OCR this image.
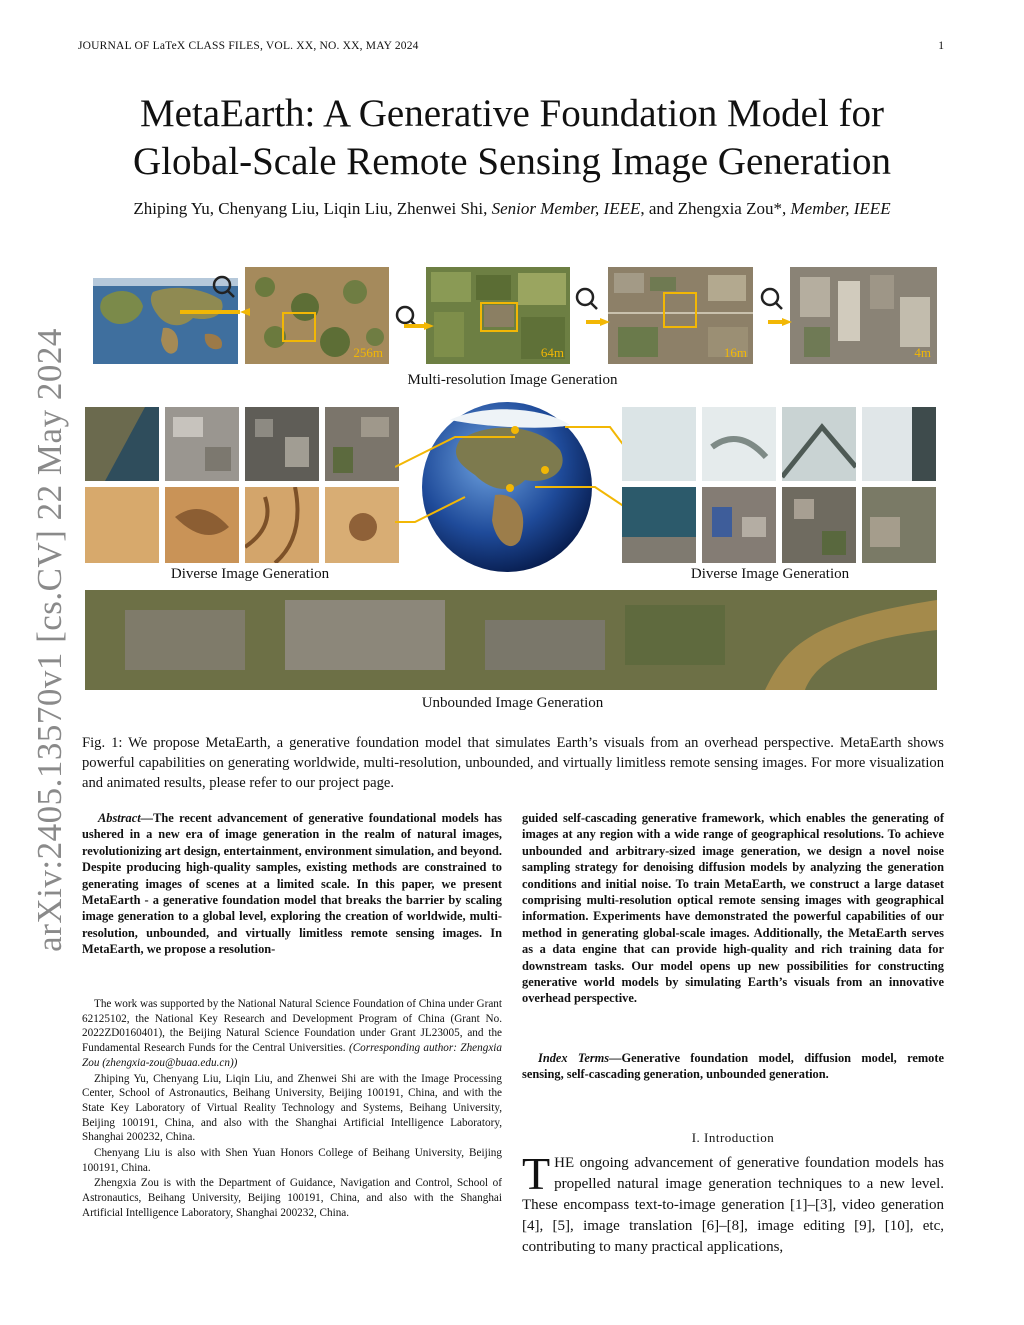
JOURNAL OF LaTeX CLASS FILES, VOL. XX, NO. XX, MAY 2024	1
arXiv:2405.13570v1 [cs.CV] 22 May 2024
MetaEarth: A Generative Foundation Model for
Global-Scale Remote Sensing Image Generation
Zhiping Yu, Chenyang Liu, Liqin Liu, Zhenwei Shi, Senior Member, IEEE, and Zhengxia Zou*, Member, IEEE
256m	64m	16m	4m
Multi-resolution Image Generation
Diverse Image Generation	Diverse Image Generation
Unbounded Image Generation
Fig. 1: We propose MetaEarth, a generative foundation model that simulates Earth’s visuals from an overhead perspective. MetaEarth shows powerful capabilities on generating worldwide, multi-resolution, unbounded, and virtually limitless remote sensing images. For more visualization and animated results, please refer to our project page.
Abstract—The recent advancement of generative foundational models has ushered in a new era of image generation in the realm of natural images, revolutionizing art design, entertainment, environment simulation, and beyond. Despite producing high-quality samples, existing methods are constrained to generating images of scenes at a limited scale. In this paper, we present MetaEarth - a generative foundation model that breaks the barrier by scaling image generation to a global level, exploring the creation of worldwide, multi-resolution, unbounded, and virtually limitless remote sensing images. In MetaEarth, we propose a resolution-

The work was supported by the National Natural Science Foundation of China under Grant 62125102, the National Key Research and Development Program of China (Grant No. 2022ZD0160401), the Beijing Natural Science Foundation under Grant JL23005, and the Fundamental Research Funds for the Central Universities. (Corresponding author: Zhengxia Zou (zhengxia-zou@buaa.edu.cn))

Zhiping Yu, Chenyang Liu, Liqin Liu, and Zhenwei Shi are with the Image Processing Center, School of Astronautics, Beihang University, Beijing 100191, China, and with the State Key Laboratory of Virtual Reality Technology and Systems, Beihang University, Beijing 100191, China, and also with the Shanghai Artificial Intelligence Laboratory, Shanghai 200232, China.

Chenyang Liu is also with Shen Yuan Honors College of Beihang University, Beijing 100191, China.

Zhengxia Zou is with the Department of Guidance, Navigation and Control, School of Astronautics, Beihang University, Beijing 100191, China, and also with the Shanghai Artificial Intelligence Laboratory, Shanghai 200232, China.

guided self-cascading generative framework, which enables the generating of images at any region with a wide range of geographical resolutions. To achieve unbounded and arbitrary-sized image generation, we design a novel noise sampling strategy for denoising diffusion models by analyzing the generation conditions and initial noise. To train MetaEarth, we construct a large dataset comprising multi-resolution optical remote sensing images with geographical information. Experiments have demonstrated the powerful capabilities of our method in generating global-scale images. Additionally, the MetaEarth serves as a data engine that can provide high-quality and rich training data for downstream tasks. Our model opens up new possibilities for constructing generative world models by simulating Earth’s visuals from an innovative overhead perspective.
Index Terms—Generative foundation model, diffusion model, remote sensing, self-cascading generation, unbounded generation.
I. Introduction
THE ongoing advancement of generative foundation models has propelled natural image generation techniques to a new level. These encompass text-to-image generation [1]–[3], video generation [4], [5], image translation [6]–[8], image editing [9], [10], etc, contributing to many practical applications,
